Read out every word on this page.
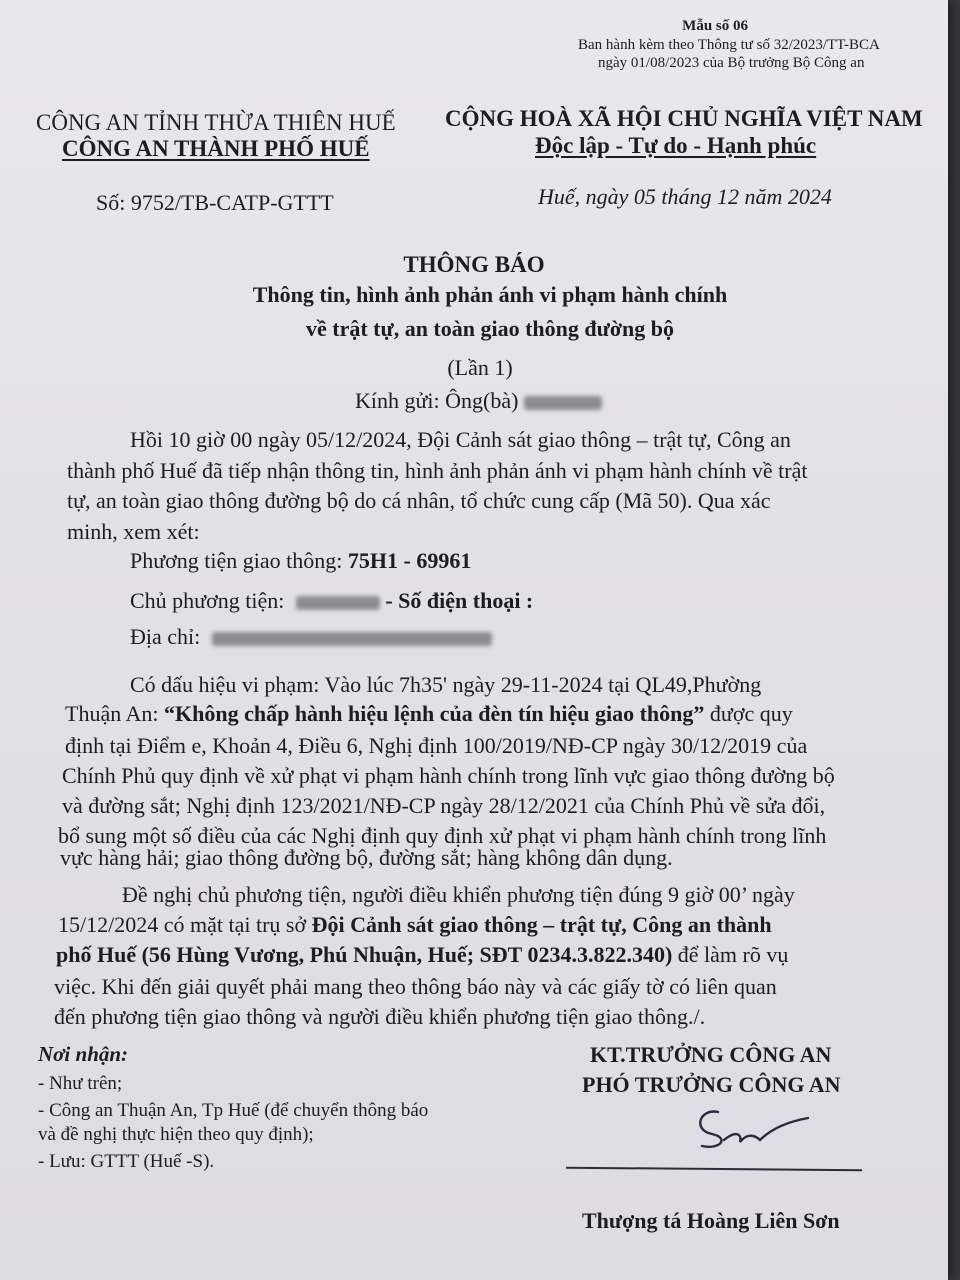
Mẫu số 06
Ban hành kèm theo Thông tư số 32/2023/TT-BCA
ngày 01/08/2023 của Bộ trưởng Bộ Công an
CÔNG AN TỈNH THỪA THIÊN HUẾ
CÔNG AN THÀNH PHỐ HUẾ
CỘNG HOÀ XÃ HỘI CHỦ NGHĨA VIỆT NAM
Độc lập - Tự do - Hạnh phúc
Số: 9752/TB-CATP-GTTT	Huế, ngày 05 tháng 12 năm 2024
THÔNG BÁO
Thông tin, hình ảnh phản ánh vi phạm hành chính
về trật tự, an toàn giao thông đường bộ
(Lần 1)
Kính gửi: Ông(bà)
Hồi 10 giờ 00 ngày 05/12/2024, Đội Cảnh sát giao thông – trật tự, Công an
thành phố Huế đã tiếp nhận thông tin, hình ảnh phản ánh vi phạm hành chính về trật
tự, an toàn giao thông đường bộ do cá nhân, tổ chức cung cấp (Mã 50). Qua xác
minh, xem xét:
Phương tiện giao thông: 75H1 - 69961
Chủ phương tiện:	- Số điện thoại :
Địa chỉ:
Có dấu hiệu vi phạm: Vào lúc 7h35' ngày 29-11-2024 tại QL49,Phường
Thuận An: “Không chấp hành hiệu lệnh của đèn tín hiệu giao thông” được quy
định tại Điểm e, Khoản 4, Điều 6, Nghị định 100/2019/NĐ-CP ngày 30/12/2019 của
Chính Phủ quy định về xử phạt vi phạm hành chính trong lĩnh vực giao thông đường bộ
và đường sắt; Nghị định 123/2021/NĐ-CP ngày 28/12/2021 của Chính Phủ về sửa đổi,
bổ sung một số điều của các Nghị định quy định xử phạt vi phạm hành chính trong lĩnh
vực hàng hải; giao thông đường bộ, đường sắt; hàng không dân dụng.
Đề nghị chủ phương tiện, người điều khiển phương tiện đúng 9 giờ 00’ ngày
15/12/2024 có mặt tại trụ sở Đội Cảnh sát giao thông – trật tự, Công an thành
phố Huế (56 Hùng Vương, Phú Nhuận, Huế; SĐT 0234.3.822.340) để làm rõ vụ
việc. Khi đến giải quyết phải mang theo thông báo này và các giấy tờ có liên quan
đến phương tiện giao thông và người điều khiển phương tiện giao thông./.
Nơi nhận:
- Như trên;
- Công an Thuận An, Tp Huế (để chuyển thông báo
và đề nghị thực hiện theo quy định);
- Lưu: GTTT (Huế -S).
KT.TRƯỞNG CÔNG AN
PHÓ TRƯỞNG CÔNG AN
Thượng tá Hoàng Liên Sơn
